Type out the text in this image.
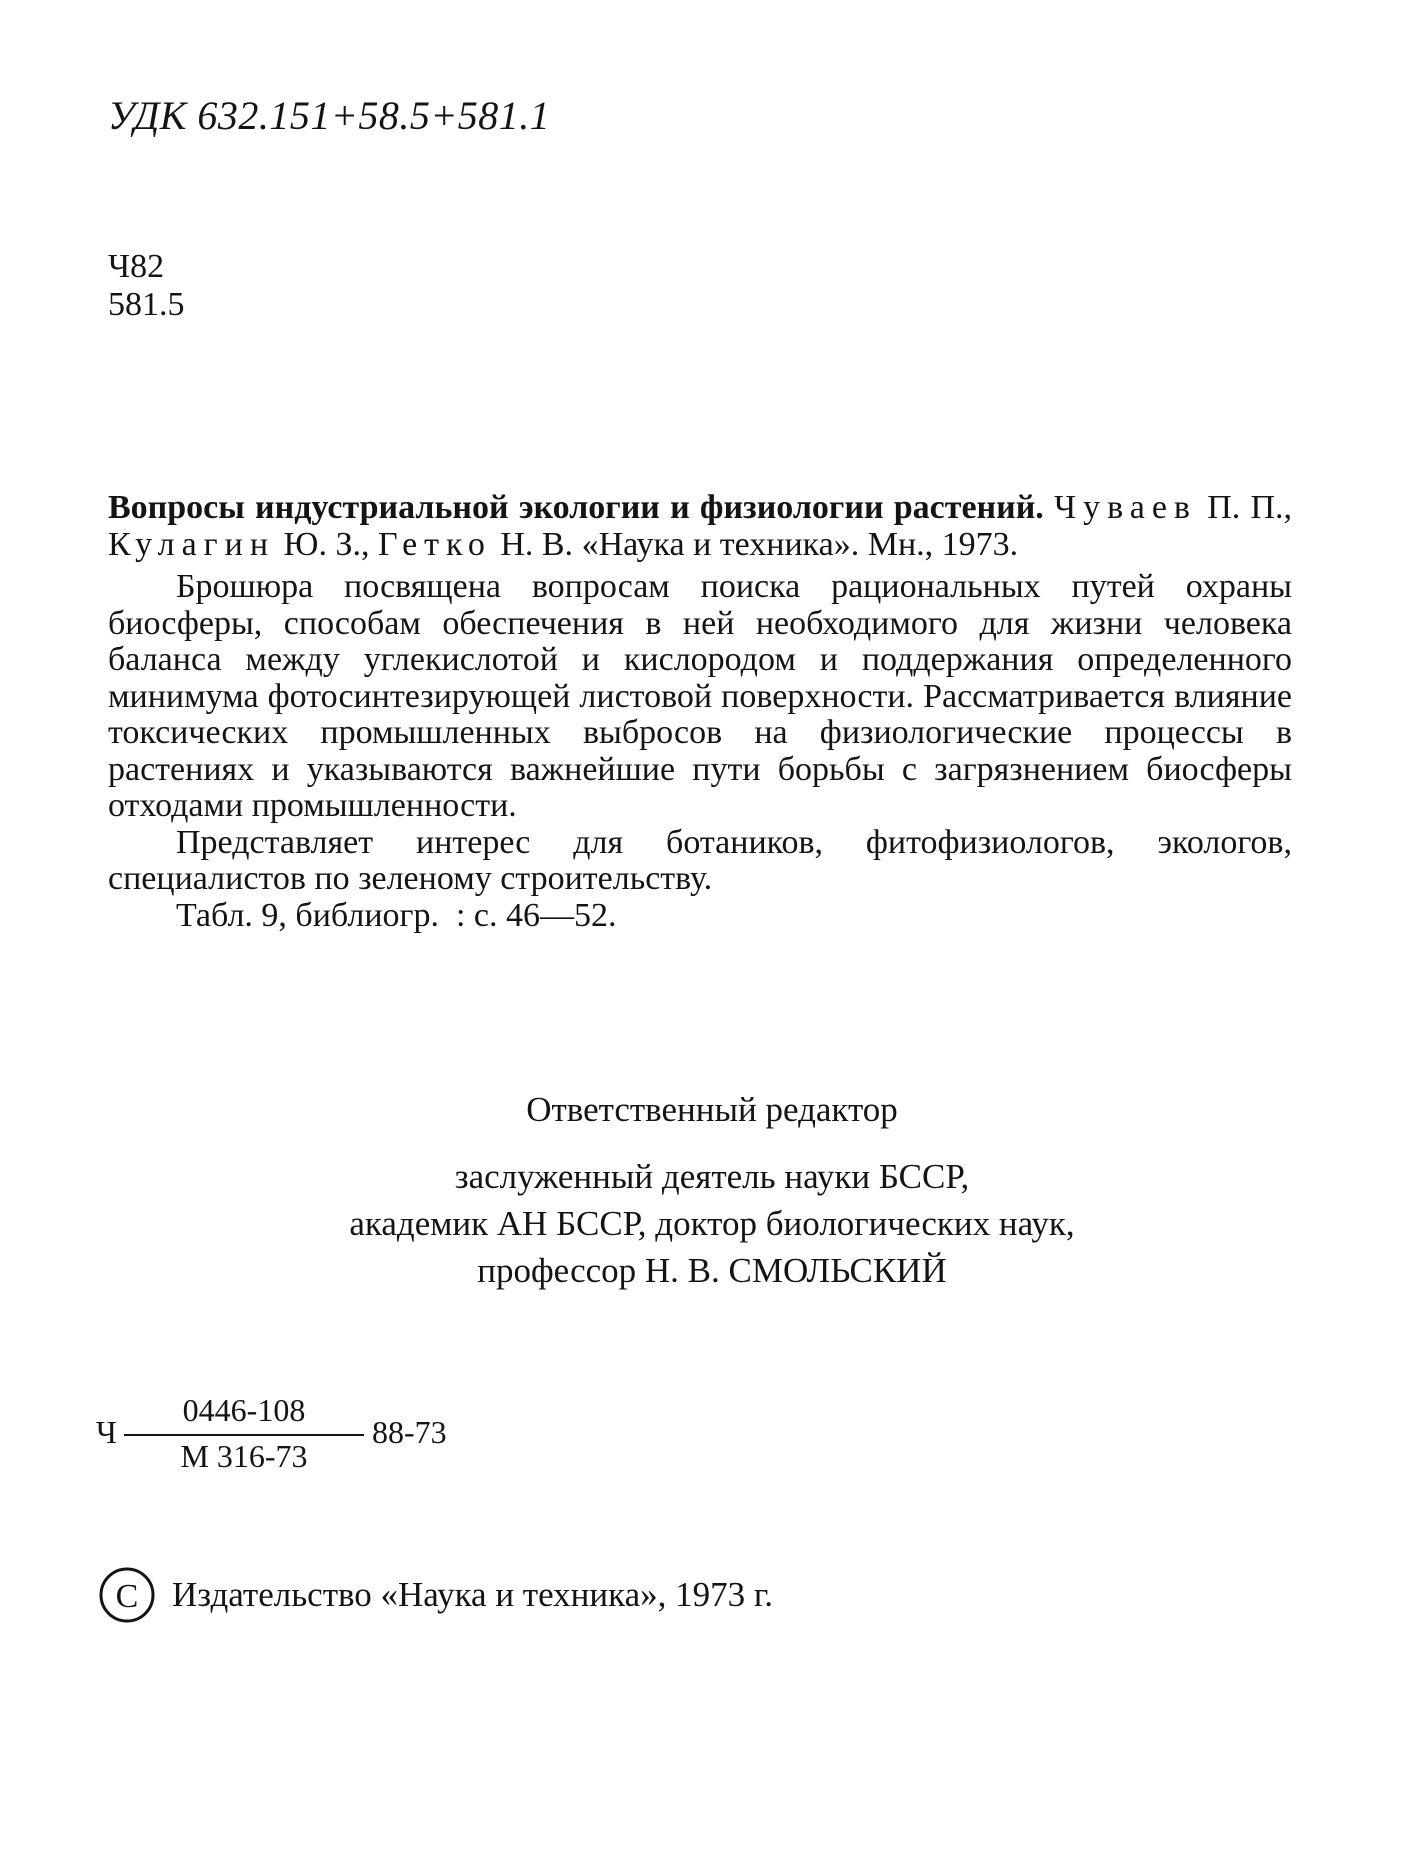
УДК 632.151+58.5+581.1
Ч82
581.5

Вопросы индустриальной экологии и физиологии растений. Чуваев П. П., Кулагин Ю. З., Гетко Н. В. «Наука и техника». Мн., 1973.

Брошюра посвящена вопросам поиска рациональных путей охраны биосферы, способам обеспечения в ней необходимого для жизни человека баланса между углекислотой и кислородом и поддержания определенного минимума фотосинтезирующей листовой поверхности. Рассматривается влияние токсических промышленных выбросов на физиологические процессы в растениях и указываются важнейшие пути борьбы с загрязнением биосферы отходами промышленности.

Представляет интерес для ботаников, фитофизиологов, экологов, специалистов по зеленому строительству.

Табл. 9, библиогр.  : с. 46—52.

Ответственный редактор
заслуженный деятель науки БССР,
академик АН БССР, доктор биологических наук,
профессор Н. В. СМОЛЬСКИЙ
Ч
0446-108
М 316-73
88-73
C Издательство «Наука и техника», 1973 г.
